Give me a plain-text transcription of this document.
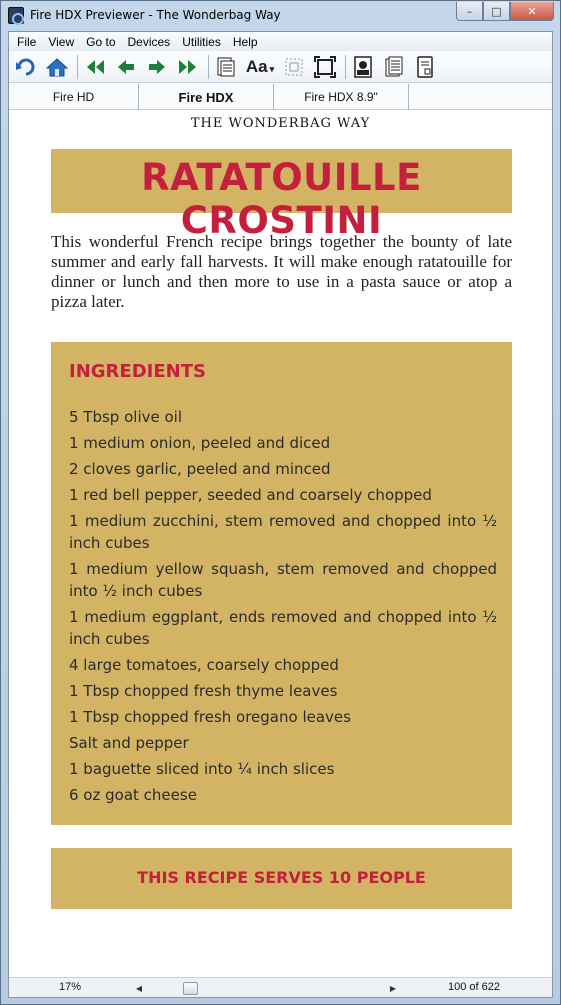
Fire HDX Previewer - The Wonderbag Way	–	□	✕
File	View	Go to	Devices	Utilities	Help
Aa ▾
Fire HD	Fire HDX	Fire HDX 8.9"
THE WONDERBAG WAY
RATATOUILLE CROSTINI

This wonderful French recipe brings together the bounty of late summer and early fall harvests. It will make enough ratatouille for dinner or lunch and then more to use in a pasta sauce or atop a pizza later.

INGREDIENTS
5 Tbsp olive oil
1 medium onion, peeled and diced
2 cloves garlic, peeled and minced
1 red bell pepper, seeded and coarsely chopped
1 medium zucchini, stem removed and chopped into ½ inch cubes
1 medium yellow squash, stem removed and chopped into ½ inch cubes
1 medium eggplant, ends removed and chopped into ½ inch cubes
4 large tomatoes, coarsely chopped
1 Tbsp chopped fresh thyme leaves
1 Tbsp chopped fresh oregano leaves
Salt and pepper
1 baguette sliced into ¼ inch slices
6 oz goat cheese
THIS RECIPE SERVES 10 PEOPLE
17%	◀	▶	100 of 622
